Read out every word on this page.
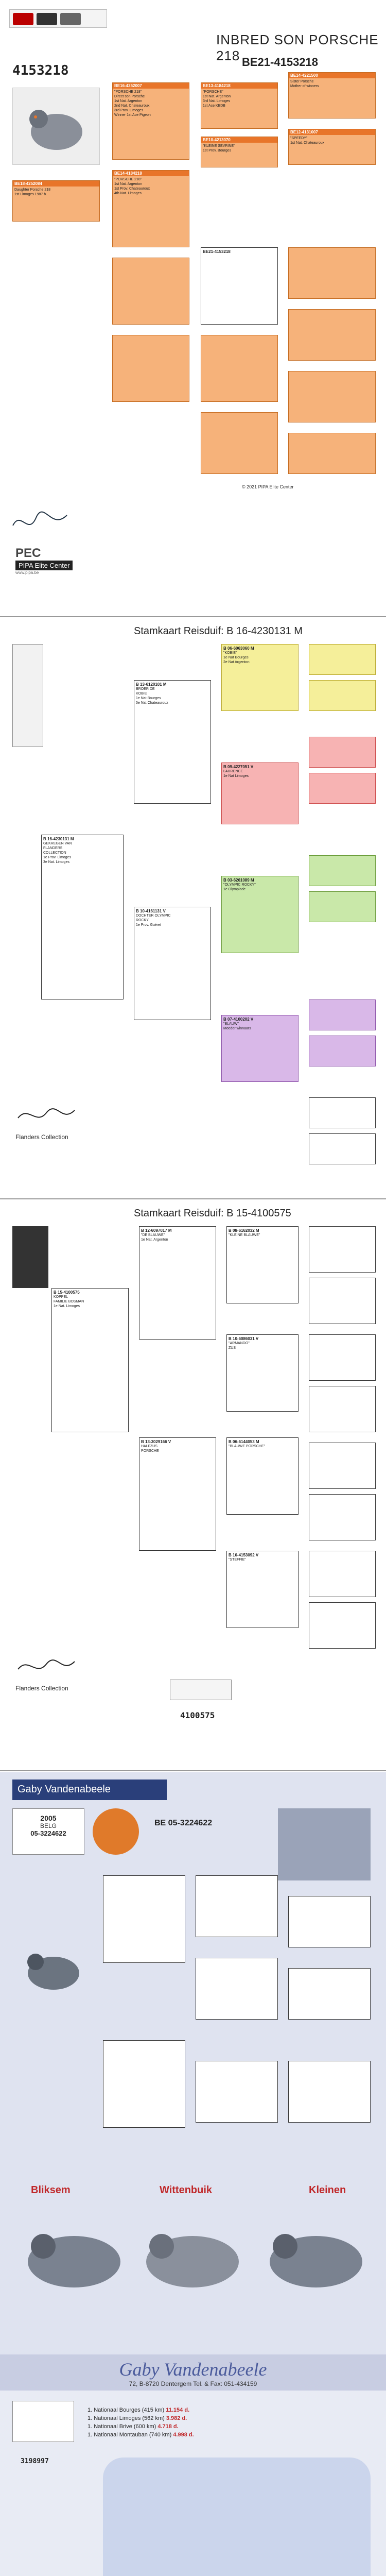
INBRED SON PORSCHE 218 BE21-4153218
4153218
BE16-4252007
"PORSCHE 218"
Direct son Porsche
1st Nat. Argenton
2nd Nat. Chateauroux
3rd Prov. Limoges
Winner 1st Ace Pigeon
BE14-4184218
"PORSCHE 218"
1st Nat. Argenton
1st Prov. Chateauroux
4th Nat. Limoges
BE13-4184218
"PORSCHE"
1st Nat. Argenton
3rd Nat. Limoges
1st Ace KBDB
BE10-4213070
"KLEINE SEVRINE"
1st Prov. Bourges
BE14-4221500
Sister Porsche
Mother of winners
BE12-4131007
"SPEEDY"
1st Nat. Chateauroux
BE18-4252084
Daughter Porsche 218
1st Limoges 1987 b.
BE21-4153218
© 2021 PIPA Elite Center
PEC
PIPA Elite Center
www.pipa.be
Stamkaart Reisduif: B 16-4230131 M
B 16-4230131 M
GEKREGEN VAN
FLANDERS
COLLECTION
1e Prov. Limoges
3e Nat. Limoges
B 13-6120101 M
BROER DE
KOBIE
1e Nat Bourges
5e Nat Chateauroux
B 10-4161131 V
DOCHTER OLYMPIC
ROCKY
1e Prov. Guéret
B 06-6063060 M
"KOBIE"
1e Nat Bourges
2e Nat Argenton
B 09-4227051 V
LAURENCE
1e Nat Limoges
B 03-6261089 M
"OLYMPIC ROCKY"
1e Olympiade
B 07-4100202 V
"BLAUW"
Moeder winnaars
Flanders Collection
Stamkaart Reisduif: B 15-4100575
B 15-4100575
KOPPEL
FAMILIE BOSMAN
1e Nat. Limoges
B 12-6097017 M
"DE BLAUWE"
1e Nat. Argenton
B 13-3029166 V
HALFZUS
PORSCHE
B 08-6162032 M
"KLEINE BLAUWE"
B 10-6086031 V
"ARMANDO"
ZUS
B 06-6144053 M
"BLAUWE PORSCHE"
B 10-4153092 V
"STEFFIE"
Flanders Collection
4100575
Gaby Vandenabeele
2005
BELG
05-3224622
BE 05-3224622
Bliksem	Wittenbuik	Kleinen
Gaby Vandenabeele
72, B-8720 Dentergem Tel. & Fax: 051-434159
1. Nationaal Bourges (415 km) 11.154 d.
1. Nationaal Limoges (562 km) 3.982 d.
1. Nationaal Brive (600 km) 4.718 d.
1. Nationaal Montauban (740 km) 4.998 d.
3198997
